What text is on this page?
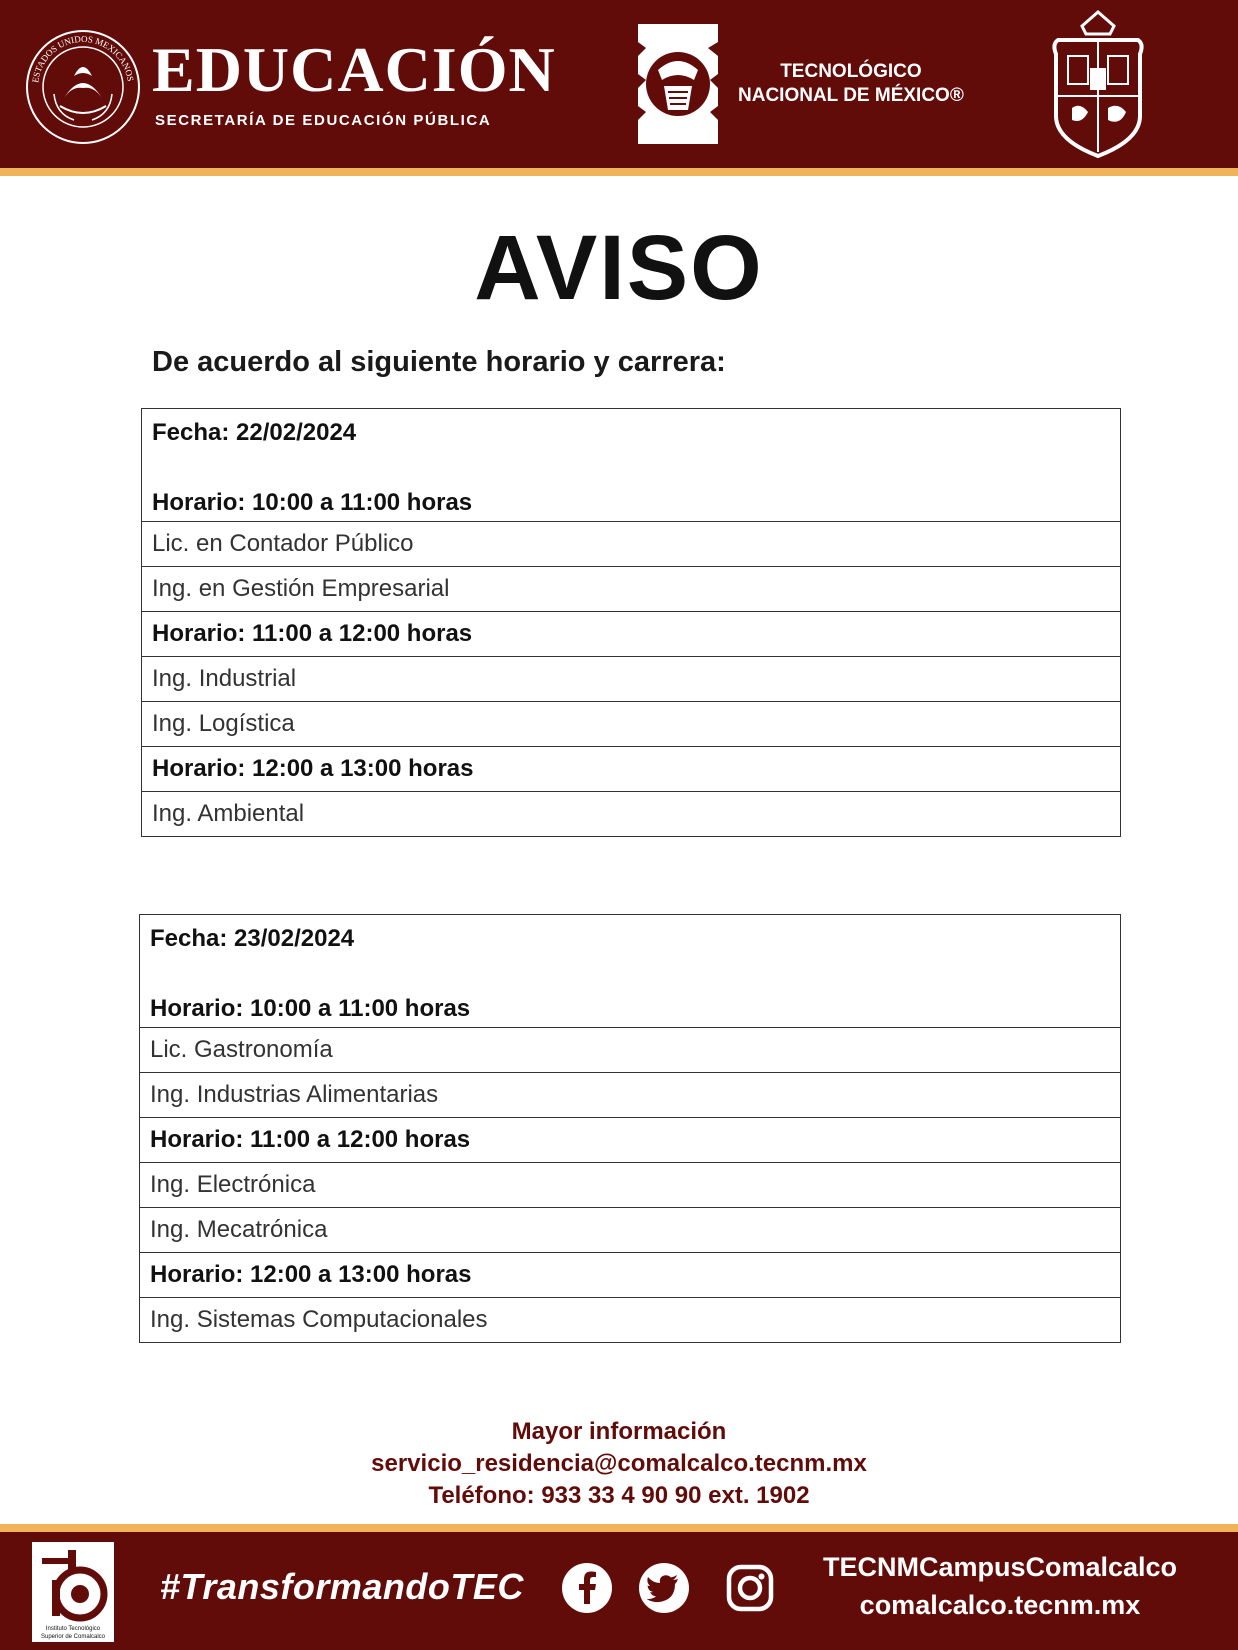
ESTADOS UNIDOS MEXICANOS EDUCACIÓN
SECRETARÍA DE EDUCACIÓN PÚBLICA
TECNOLÓGICO
NACIONAL DE MÉXICO®
AVISO
De acuerdo al siguiente horario y carrera:
Fecha: 22/02/2024
Horario: 10:00 a 11:00 horas

Lic. en Contador Público
Ing. en Gestión Empresarial
Horario: 11:00 a 12:00 horas
Ing. Industrial
Ing. Logística
Horario: 12:00 a 13:00 horas
Ing. Ambiental
Fecha: 23/02/2024
Horario: 10:00 a 11:00 horas

Lic. Gastronomía
Ing. Industrias Alimentarias
Horario: 11:00 a 12:00 horas
Ing. Electrónica
Ing. Mecatrónica
Horario: 12:00 a 13:00 horas
Ing. Sistemas Computacionales
Mayor información
servicio_residencia@comalcalco.tecnm.mx
Teléfono: 933 33 4 90 90 ext. 1902
Instituto Tecnológico
Superior de Comalcalco
#TransformandoTEC	TECNMCampusComalcalco
comalcalco.tecnm.mx
